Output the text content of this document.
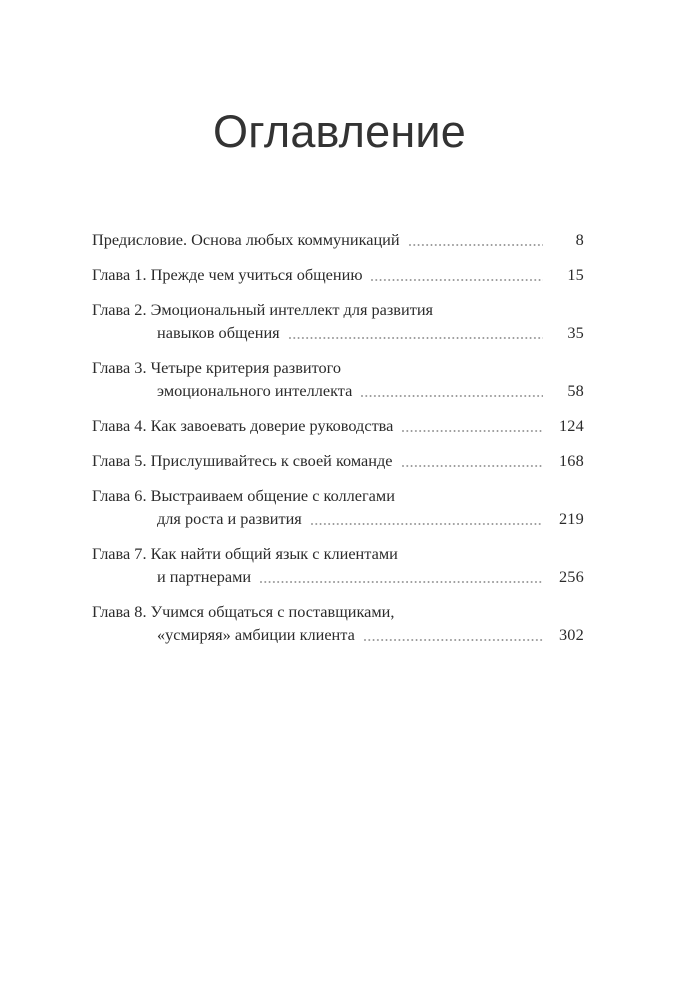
Оглавление
Предисловие. Основа любых коммуникаций	8
Глава 1. Прежде чем учиться общению	15
Глава 2. Эмоциональный интеллект для развития
навыков общения	35
Глава 3. Четыре критерия развитого
эмоционального интеллекта	58
Глава 4. Как завоевать доверие руководства	124
Глава 5. Прислушивайтесь к своей команде	168
Глава 6. Выстраиваем общение с коллегами
для роста и развития	219
Глава 7. Как найти общий язык с клиентами
и партнерами	256
Глава 8. Учимся общаться с поставщиками,
«усмиряя» амбиции клиента	302
